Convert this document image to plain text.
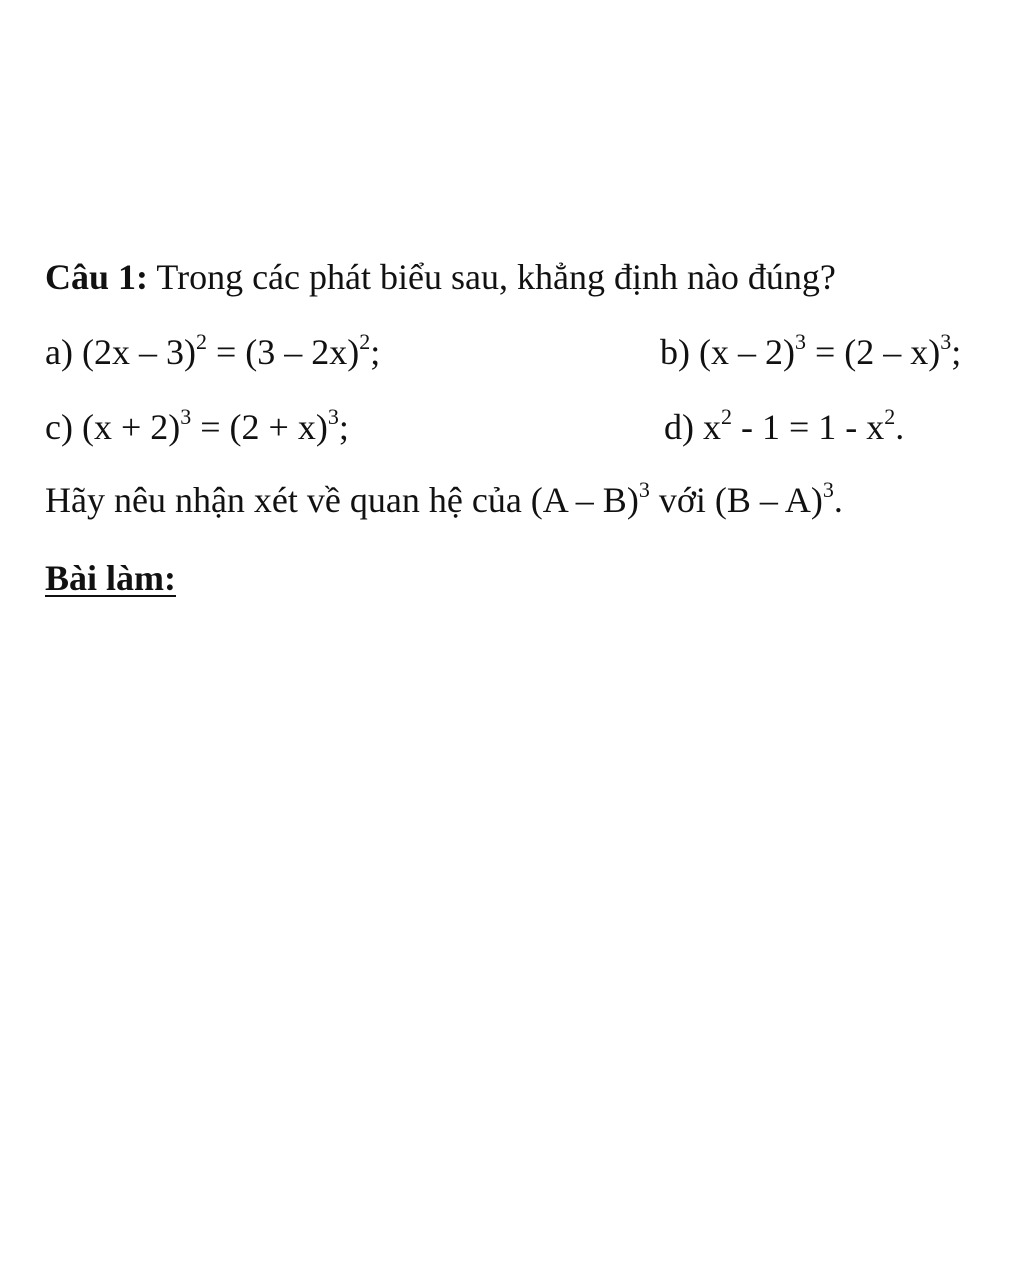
Câu 1: Trong các phát biểu sau, khẳng định nào đúng?
a) (2x – 3)$^2$ = (3 – 2x)$^2$;	b) (x – 2)$^3$ = (2 – x)$^3$;
c) $(x + 2)^3 = (2 + x)^3$;	d) $x^2 - 1 = 1 - x^2$.
Hãy nêu nhận xét về quan hệ của (A – B)$^3$ với (B – A)$^3$.
Bài làm:
